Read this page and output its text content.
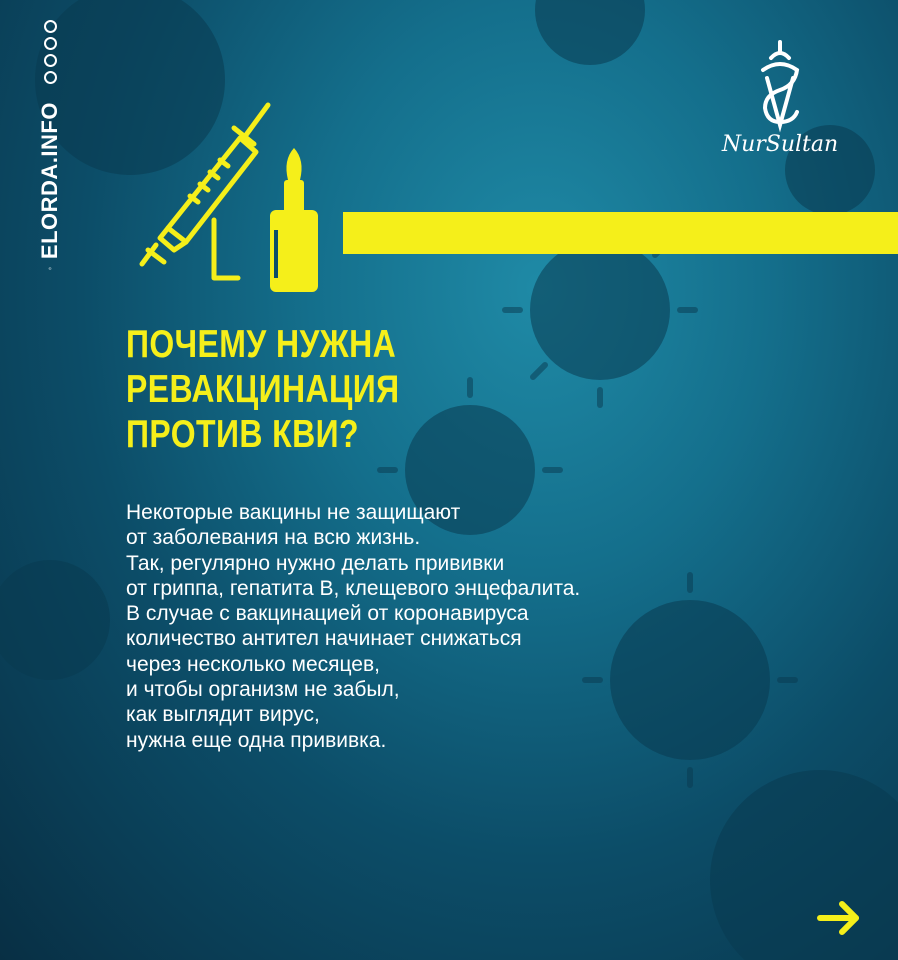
ELORDA.INFO	NurSultan
ПОЧЕМУ НУЖНА
РЕВАКЦИНАЦИЯ
ПРОТИВ КВИ?
Некоторые вакцины не защищают
от заболевания на всю жизнь.
Так, регулярно нужно делать прививки
от гриппа, гепатита В, клещевого энцефалита.
В случае с вакцинацией от коронавируса
количество антител начинает снижаться
через несколько месяцев,
и чтобы организм не забыл,
как выглядит вирус,
нужна еще одна прививка.
